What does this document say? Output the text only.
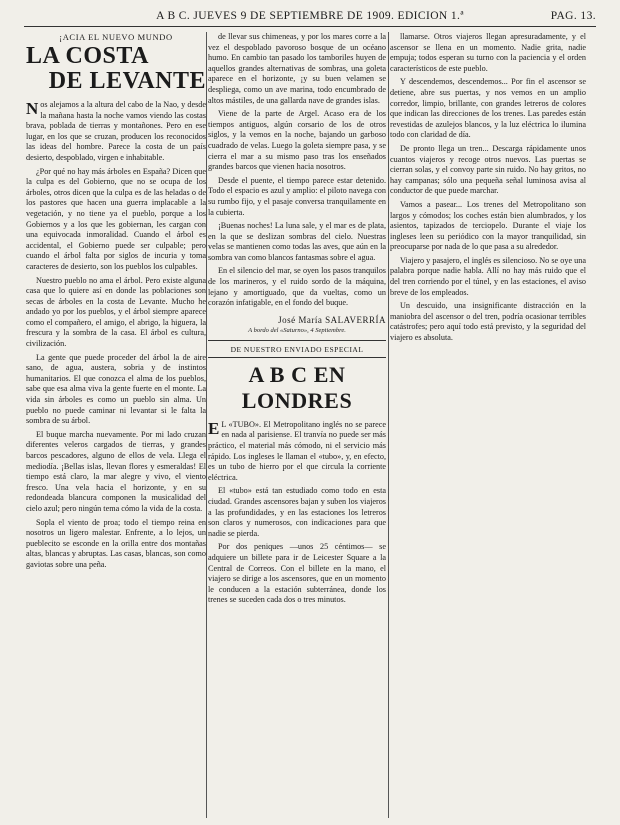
A B C. JUEVES 9 DE SEPTIEMBRE DE 1909. EDICION 1.ª	PAG. 13.
¡ACIA EL NUEVO MUNDO
LA COSTA
DE LEVANTE

Nos alejamos a la altura del cabo de la Nao, y desde la mañana hasta la noche vamos viendo las costas brava, poblada de tierras y montañones. Pero en ese lugar, en los que se cruzan, producen los reconocidos las ideas del hombre. Parece la costa de un país desierto, despoblado, virgen e inhabitable.

¿Por qué no hay más árboles en España? Dicen que la culpa es del Gobierno, que no se ocupa de los árboles, otros dicen que la culpa es de las heladas o de los pastores que hacen una guerra implacable a la vegetación, y no tiene ya el pueblo, porque a los Gobiernos y a los que les gobiernan, les cargan con una equivocada inmoralidad. Cuando el árbol es accidental, el Gobierno puede ser culpable; pero cuando el árbol falta por siglos de incuria y toma caracteres de desierto, son los pueblos los culpables.

Nuestro pueblo no ama el árbol. Pero existe alguna casa que lo quiere así en donde las poblaciones son secas de árboles en la costa de Levante. Mucho he andado yo por los pueblos, y el árbol siempre aparece como el compañero, el amigo, el abrigo, la higuera, la frescura y la sombra de la casa. El árbol es cultura, civilización.

La gente que puede proceder del árbol la de aire sano, de agua, austera, sobria y de instintos humanitarios. El que conozca el alma de los pueblos, sabe que esa alma viva la gente fuerte en el monte. La vida sin árboles es como un pueblo sin alma. Un pueblo no puede caminar ni levantar si le falta la sombra de su árbol.

El buque marcha nuevamente. Por mi lado cruzan diferentes veleros cargados de tierras, y grandes barcos pescadores, alguno de ellos de vela. Llega el mediodía. ¡Bellas islas, llevan flores y esmeraldas! El tiempo está claro, la mar alegre y vivo, el viento fresco. Una vela hacia el horizonte, y en su redondeada blancura componen la musicalidad del cielo azul; pero ningún tema cómo la vida de la costa.

Sopla el viento de proa; todo el tiempo reina en nosotros un ligero malestar. Enfrente, a lo lejos, un pueblecito se esconde en la orilla entre dos montañas altas, blancas y abruptas. Las casas, blancas, son como gaviotas sobre una peña.

de llevar sus chimeneas, y por los mares corre a la vez el despoblado pavoroso bosque de un océano humo. En cambio tan pasado los tamboriles huyen de aquellos grandes alternativas de sombras, una goleta aparece en el horizonte, ¡y su buen velamen se despliega, como un ave marina, todo encumbrado de altos mástiles, de una gallarda nave de grandes islas.

Viene de la parte de Argel. Acaso era de los tiempos antiguos, algún corsario de los de otros siglos, y la vemos en la noche, bajando un garboso cuadrado de velas. Luego la goleta siempre pasa, y se cierra el mar a su mismo paso tras los enseñados grandes barcos que vienen hacia nosotros.

Desde el puente, el tiempo parece estar detenido. Todo el espacio es azul y amplio: el piloto navega con su rumbo fijo, y el pasaje conversa tranquilamente en la cubierta.

¡Buenas noches! La luna sale, y el mar es de plata, en la que se deslizan sombras del cielo. Nuestras velas se mantienen como todas las aves, que aún en la sombra van como blancos fantasmas sobre el agua.

En el silencio del mar, se oyen los pasos tranquilos de los marineros, y el ruido sordo de la máquina, lejano y amortiguado, que da vueltas, como un corazón infatigable, en el fondo del buque.

José María SALAVERRÍA
A bordo del «Saturno», 4 Septiembre.
DE NUESTRO ENVIADO ESPECIAL
A B C EN LONDRES

E L «TUBO». El Metropolitano inglés no se parece en nada al parisiense. El tranvía no puede ser más práctico, el material más cómodo, ni el servicio más rápido. Los ingleses le llaman el «tubo», y, en efecto, es un tubo de hierro por el que circula la corriente eléctrica.

El «tubo» está tan estudiado como todo en esta ciudad. Grandes ascensores bajan y suben los viajeros a las profundidades, y en las estaciones los letreros son claros y numerosos, con indicaciones para que nadie se pierda.

Por dos peniques —unos 25 céntimos— se adquiere un billete para ir de Leicester Square a la Central de Correos. Con el billete en la mano, el viajero se dirige a los ascensores, que en un momento le conducen a la estación subterránea, donde los trenes se suceden cada dos o tres minutos.

llamarse. Otros viajeros llegan apresuradamente, y el ascensor se llena en un momento. Nadie grita, nadie empuja; todos esperan su turno con la paciencia y el orden característicos de este pueblo.

Y descendemos, descendemos... Por fin el ascensor se detiene, abre sus puertas, y nos vemos en un amplio corredor, limpio, brillante, con grandes letreros de colores que indican las direcciones de los trenes. Las paredes están revestidas de azulejos blancos, y la luz eléctrica lo ilumina todo con claridad de día.

De pronto llega un tren... Descarga rápidamente unos cuantos viajeros y recoge otros nuevos. Las puertas se cierran solas, y el convoy parte sin ruido. No hay gritos, no hay campanas; sólo una pequeña señal luminosa avisa al conductor de que puede marchar.

Vamos a pasear... Los trenes del Metropolitano son largos y cómodos; los coches están bien alumbrados, y los asientos, tapizados de terciopelo. Durante el viaje los ingleses leen su periódico con la mayor tranquilidad, sin preocuparse por nada de lo que pasa a su alrededor.

Viajero y pasajero, el inglés es silencioso. No se oye una palabra porque nadie habla. Allí no hay más ruido que el del tren corriendo por el túnel, y en las estaciones, el aviso breve de los empleados.

Un descuido, una insignificante distracción en la maniobra del ascensor o del tren, podría ocasionar terribles catástrofes; pero aquí todo está previsto, y la seguridad del viajero es absoluta.
